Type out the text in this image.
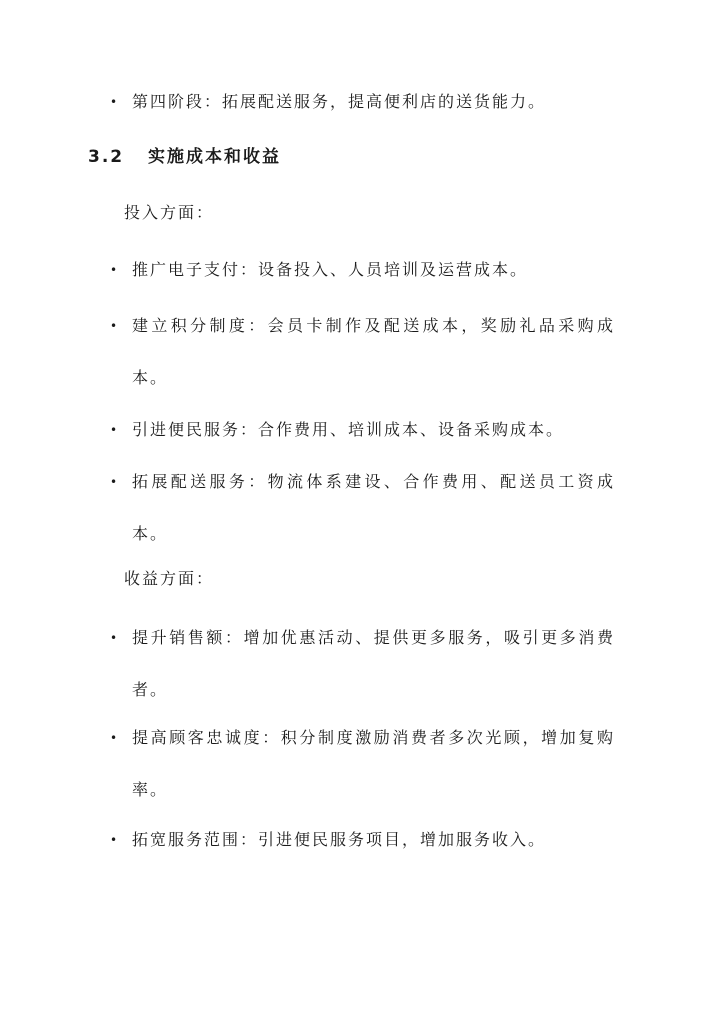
• 第四阶段：拓展配送服务，提高便利店的送货能力。
3.2 实施成本和收益
投入方面：
• 推广电子支付：设备投入、人员培训及运营成本。
• 建立积分制度：会员卡制作及配送成本，奖励礼品采购成本。
• 引进便民服务：合作费用、培训成本、设备采购成本。
• 拓展配送服务：物流体系建设、合作费用、配送员工资成本。
收益方面：
• 提升销售额：增加优惠活动、提供更多服务，吸引更多消费者。
• 提高顾客忠诚度：积分制度激励消费者多次光顾，增加复购率。
• 拓宽服务范围：引进便民服务项目，增加服务收入。
